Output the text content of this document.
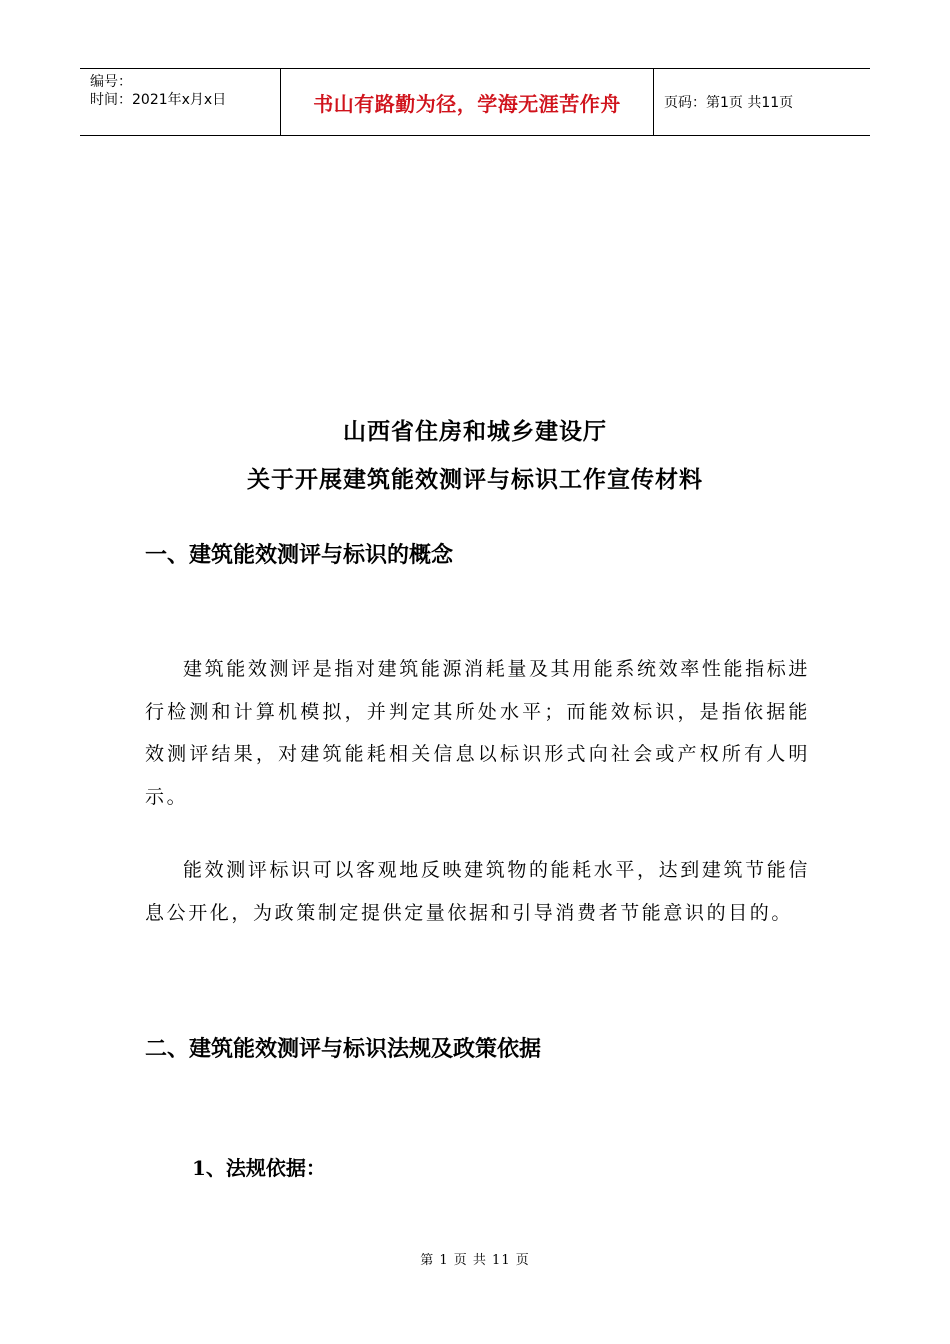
编号：
时间：2021年x月x日	书山有路勤为径，学海无涯苦作舟	页码：第1页 共11页
山西省住房和城乡建设厅
关于开展建筑能效测评与标识工作宣传材料
一、建筑能效测评与标识的概念
建筑能效测评是指对建筑能源消耗量及其用能系统效率性能指标进行检测和计算机模拟，并判定其所处水平；而能效标识，是指依据能效测评结果，对建筑能耗相关信息以标识形式向社会或产权所有人明示。
能效测评标识可以客观地反映建筑物的能耗水平，达到建筑节能信息公开化，为政策制定提供定量依据和引导消费者节能意识的目的。
二、建筑能效测评与标识法规及政策依据
1、法规依据：
第 1 页 共 11 页
